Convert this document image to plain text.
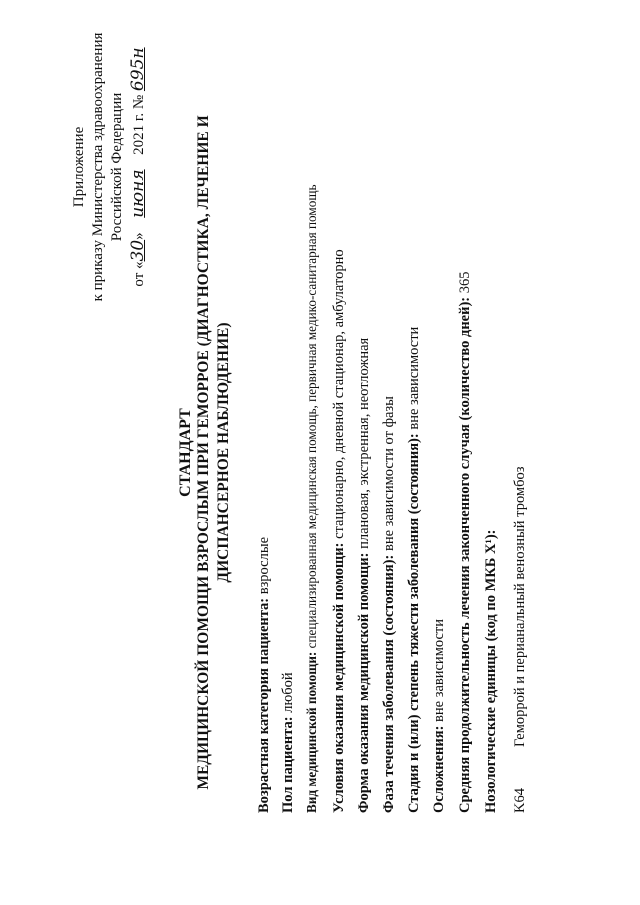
Приложение к приказу Министерства здравоохранения Российской Федерации
от «30» июня 2021 г. № 695н
СТАНДАРТ МЕДИЦИНСКОЙ ПОМОЩИ ВЗРОСЛЫМ ПРИ ГЕМОРРОЕ (ДИАГНОСТИКА, ЛЕЧЕНИЕ И ДИСПАНСЕРНОЕ НАБЛЮДЕНИЕ)
Возрастная категория пациента: взрослые
Пол пациента: любой Вид медицинской помощи: специализированная медицинская помощь, первичная медико-санитарная помощь
Условия оказания медицинской помощи: стационарно, дневной стационар, амбулаторно
Форма оказания медицинской помощи: плановая, экстренная, неотложная
Фаза течения заболевания (состояния): вне зависимости от фазы Стадия и (или) степень тяжести заболевания (состояния): вне зависимости
Осложнения: вне зависимости Средняя продолжительность лечения законченного случая (количество дней): 365
Нозологические единицы (код по МКБ X¹): K64
Геморрой и перианальный венозный тромбоз
